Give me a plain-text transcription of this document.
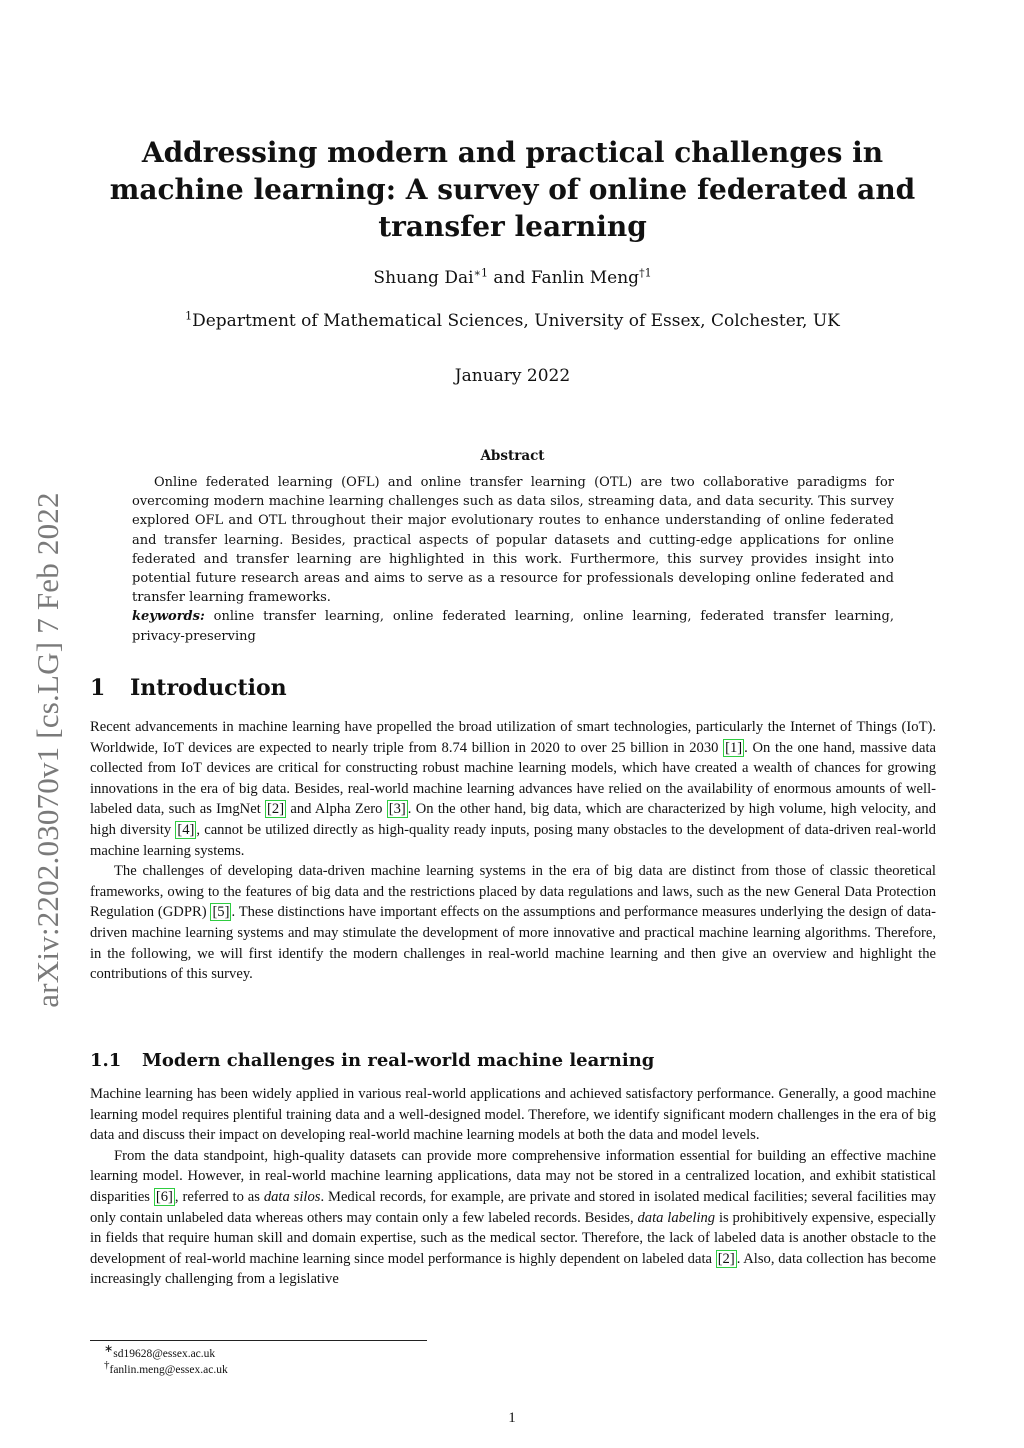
arXiv:2202.03070v1 [cs.LG] 7 Feb 2022
Addressing modern and practical challenges in machine learning: A survey of online federated and transfer learning
Shuang Dai$^{∗1}$ and Fanlin Meng$^{\dagger 1}$
$^1$Department of Mathematical Sciences, University of Essex, Colchester, UK
January 2022
Abstract

Online federated learning (OFL) and online transfer learning (OTL) are two collaborative paradigms for overcoming modern machine learning challenges such as data silos, streaming data, and data security. This survey explored OFL and OTL throughout their major evolutionary routes to enhance understanding of online federated and transfer learning. Besides, practical aspects of popular datasets and cutting-edge applications for online federated and transfer learning are highlighted in this work. Furthermore, this survey provides insight into potential future research areas and aims to serve as a resource for professionals developing online federated and transfer learning frameworks.

keywords: online transfer learning, online federated learning, online learning, federated transfer learning, privacy-preserving

1 Introduction

Recent advancements in machine learning have propelled the broad utilization of smart technologies, particularly the Internet of Things (IoT). Worldwide, IoT devices are expected to nearly triple from 8.74 billion in 2020 to over 25 billion in 2030 [1] . On the one hand, massive data collected from IoT devices are critical for constructing robust machine learning models, which have created a wealth of chances for growing innovations in the era of big data. Besides, real-world machine learning advances have relied on the availability of enormous amounts of well-labeled data, such as ImgNet [2] and Alpha Zero [3] . On the other hand, big data, which are characterized by high volume, high velocity, and high diversity [4] , cannot be utilized directly as high-quality ready inputs, posing many obstacles to the development of data-driven real-world machine learning systems.

The challenges of developing data-driven machine learning systems in the era of big data are distinct from those of classic theoretical frameworks, owing to the features of big data and the restrictions placed by data regulations and laws, such as the new General Data Protection Regulation (GDPR) [5] . These distinctions have important effects on the assumptions and performance measures underlying the design of data-driven machine learning systems and may stimulate the development of more innovative and practical machine learning algorithms. Therefore, in the following, we will first identify the modern challenges in real-world machine learning and then give an overview and highlight the contributions of this survey.

1.1 Modern challenges in real-world machine learning

Machine learning has been widely applied in various real-world applications and achieved satisfactory performance. Generally, a good machine learning model requires plentiful training data and a well-designed model. Therefore, we identify significant modern challenges in the era of big data and discuss their impact on developing real-world machine learning models at both the data and model levels.

From the data standpoint, high-quality datasets can provide more comprehensive information essential for building an effective machine learning model. However, in real-world machine learning applications, data may not be stored in a centralized location, and exhibit statistical disparities [6] , referred to as data silos. Medical records, for example, are private and stored in isolated medical facilities; several facilities may only contain unlabeled data whereas others may contain only a few labeled records. Besides, data labeling is prohibitively expensive, especially in fields that require human skill and domain expertise, such as the medical sector. Therefore, the lack of labeled data is another obstacle to the development of real-world machine learning since model performance is highly dependent on labeled data [2] . Also, data collection has become increasingly challenging from a legislative

∗sd19628@essex.ac.uk
†fanlin.meng@essex.ac.uk
1
